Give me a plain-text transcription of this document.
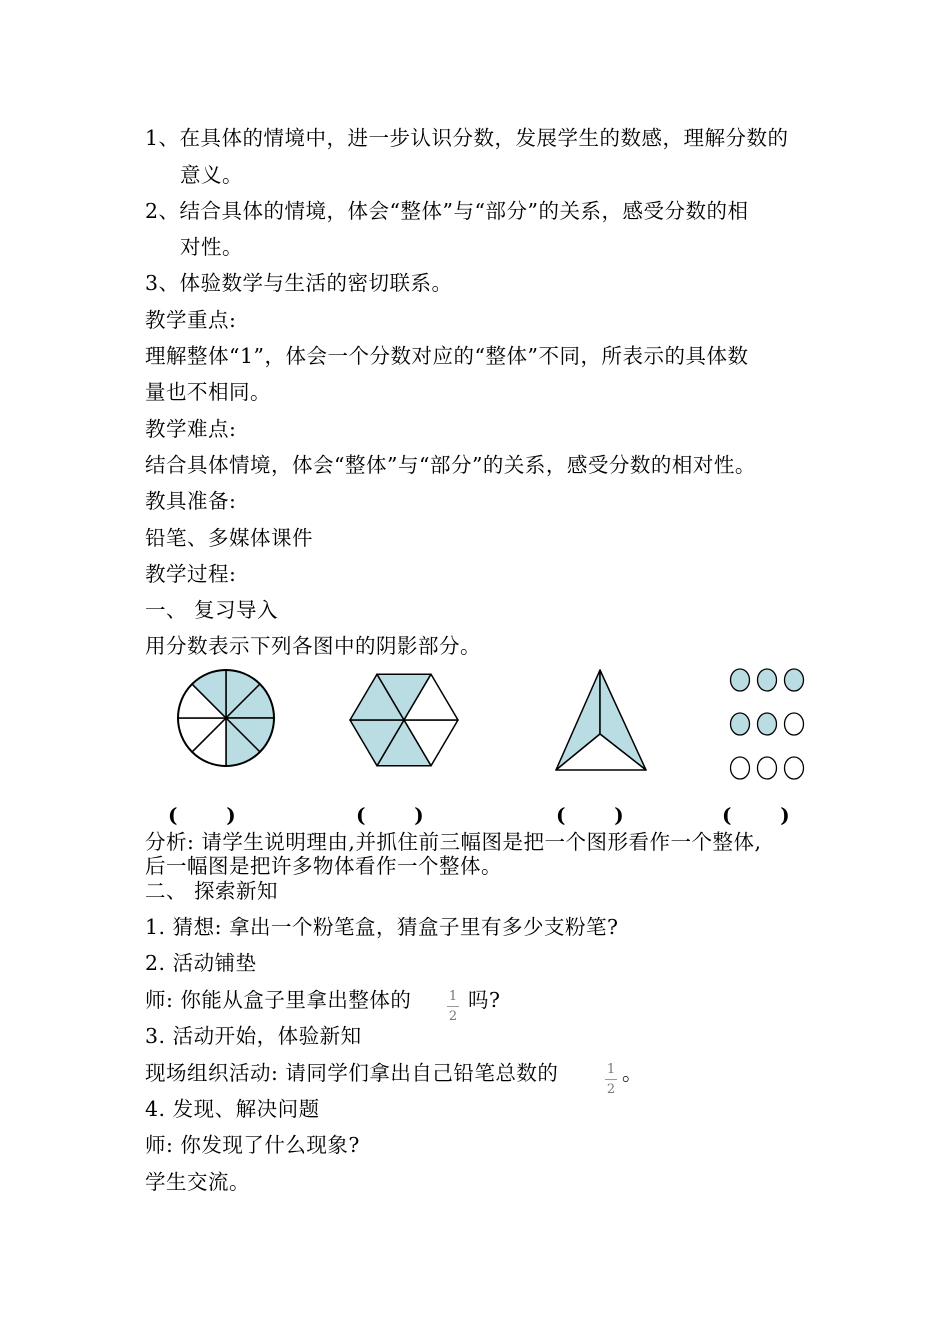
1、在具体的情境中，进一步认识分数，发展学生的数感，理解分数的
意义。
2、结合具体的情境，体会“整体”与“部分”的关系，感受分数的相
对性。
3、体验数学与生活的密切联系。
教学重点:
理解整体“1”，体会一个分数对应的“整体”不同，所表示的具体数
量也不相同。
教学难点:
结合具体情境，体会“整体”与“部分”的关系，感受分数的相对性。
教具准备:
铅笔、多媒体课件
教学过程:
一、 复习导入
用分数表示下列各图中的阴影部分。
(       )	(       )	(       )	(       )
分析: 请学生说明理由,并抓住前三幅图是把一个图形看作一个整体,
后一幅图是把许多物体看作一个整体。
二、 探索新知
1. 猜想: 拿出一个粉笔盒，猜盒子里有多少支粉笔?
2. 活动铺垫
师: 你能从盒子里拿出整体的	1
2
吗?
3. 活动开始，体验新知
现场组织活动: 请同学们拿出自己铅笔总数的	1
2
。
4. 发现、解决问题
师: 你发现了什么现象?
学生交流。
